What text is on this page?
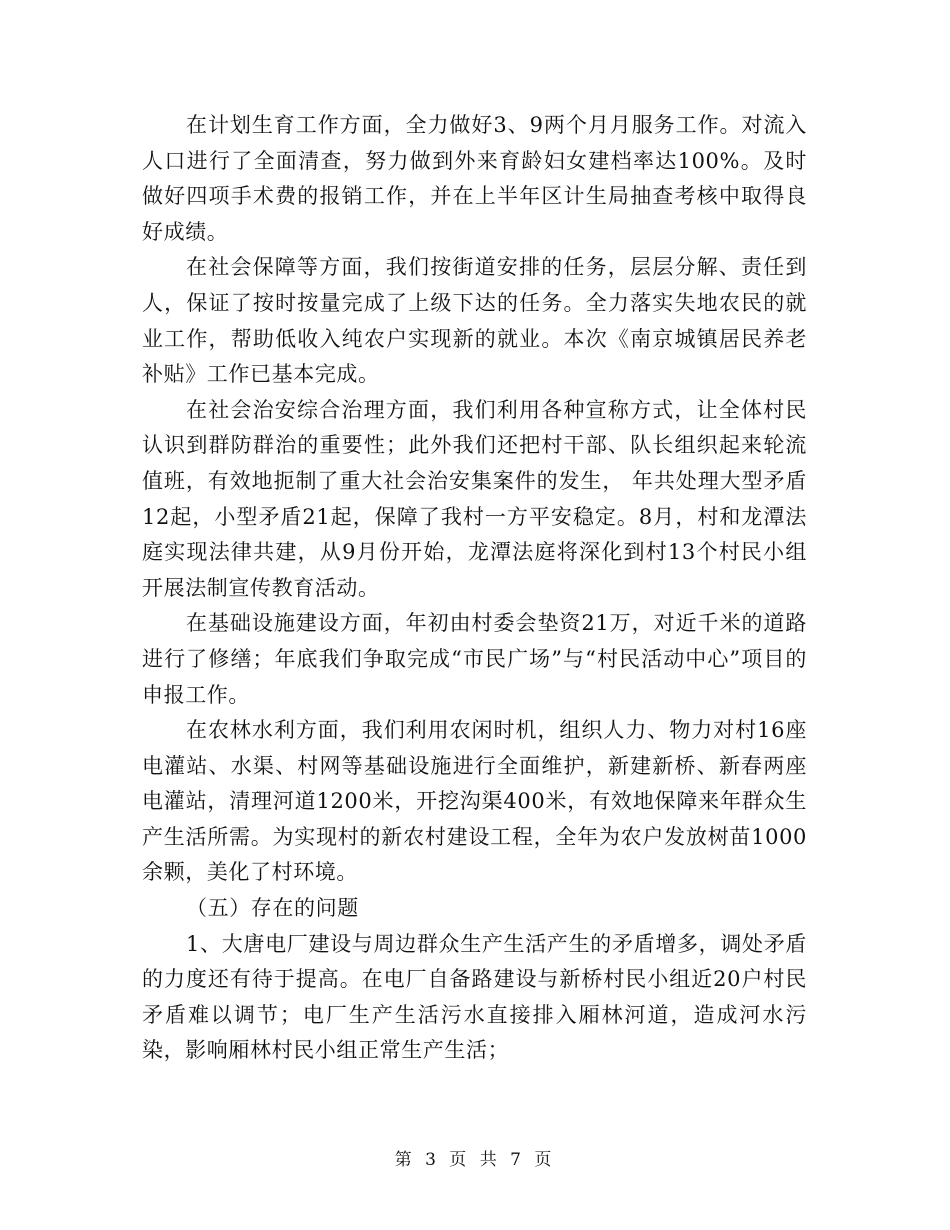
在计划生育工作方面，全力做好3、9两个月月服务工作。对流入人口进行了全面清查，努力做到外来育龄妇女建档率达100%。及时做好四项手术费的报销工作，并在上半年区计生局抽查考核中取得良好成绩。

在社会保障等方面，我们按街道安排的任务，层层分解、责任到人，保证了按时按量完成了上级下达的任务。全力落实失地农民的就业工作，帮助低收入纯农户实现新的就业。本次《南京城镇居民养老补贴》工作已基本完成。

在社会治安综合治理方面，我们利用各种宣称方式，让全体村民认识到群防群治的重要性；此外我们还把村干部、队长组织起来轮流值班，有效地扼制了重大社会治安集案件的发生， 年共处理大型矛盾12起，小型矛盾21起，保障了我村一方平安稳定。8月，村和龙潭法庭实现法律共建，从9月份开始，龙潭法庭将深化到村13个村民小组开展法制宣传教育活动。

在基础设施建设方面，年初由村委会垫资21万，对近千米的道路进行了修缮；年底我们争取完成“市民广场”与“村民活动中心”项目的申报工作。

在农林水利方面，我们利用农闲时机，组织人力、物力对村16座电灌站、水渠、村网等基础设施进行全面维护，新建新桥、新春两座电灌站，清理河道1200米，开挖沟渠400米，有效地保障来年群众生产生活所需。为实现村的新农村建设工程，全年为农户发放树苗1000余颗，美化了村环境。

（五）存在的问题

1、大唐电厂建设与周边群众生产生活产生的矛盾增多，调处矛盾的力度还有待于提高。在电厂自备路建设与新桥村民小组近20户村民矛盾难以调节；电厂生产生活污水直接排入厢林河道，造成河水污染，影响厢林村民小组正常生产生活；

第 3 页 共 7 页
